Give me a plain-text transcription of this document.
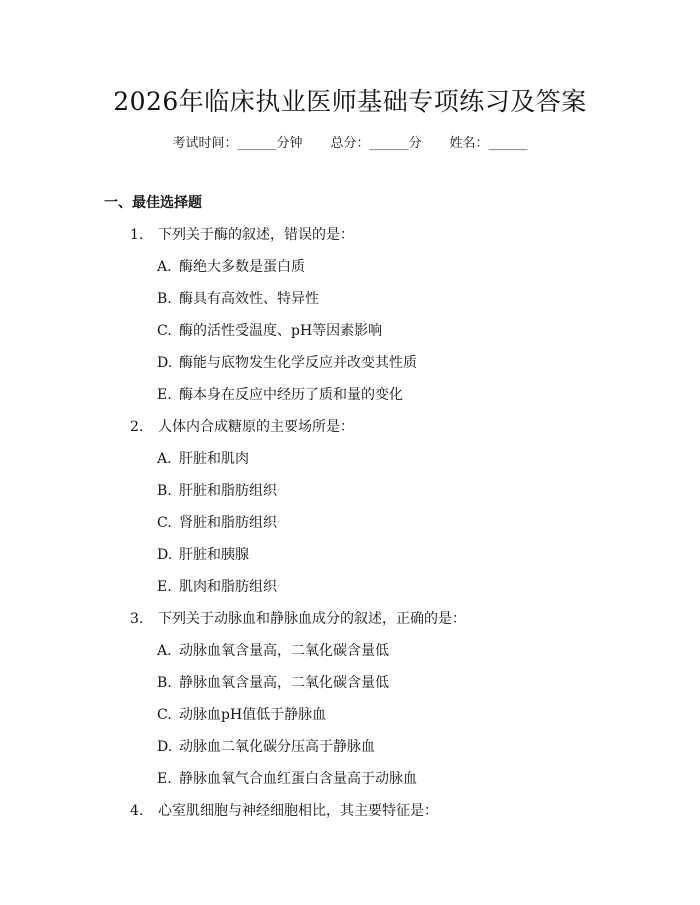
2026年临床执业医师基础专项练习及答案
考试时间：______分钟 总分：______分 姓名：______
一、最佳选择题
1. 下列关于酶的叙述，错误的是：
A. 酶绝大多数是蛋白质
B. 酶具有高效性、特异性
C. 酶的活性受温度、pH等因素影响
D. 酶能与底物发生化学反应并改变其性质
E. 酶本身在反应中经历了质和量的变化
2. 人体内合成糖原的主要场所是：
A. 肝脏和肌肉
B. 肝脏和脂肪组织
C. 肾脏和脂肪组织
D. 肝脏和胰腺
E. 肌肉和脂肪组织
3. 下列关于动脉血和静脉血成分的叙述，正确的是：
A. 动脉血氧含量高，二氧化碳含量低
B. 静脉血氧含量高，二氧化碳含量低
C. 动脉血pH值低于静脉血
D. 动脉血二氧化碳分压高于静脉血
E. 静脉血氧气合血红蛋白含量高于动脉血
4. 心室肌细胞与神经细胞相比，其主要特征是：
